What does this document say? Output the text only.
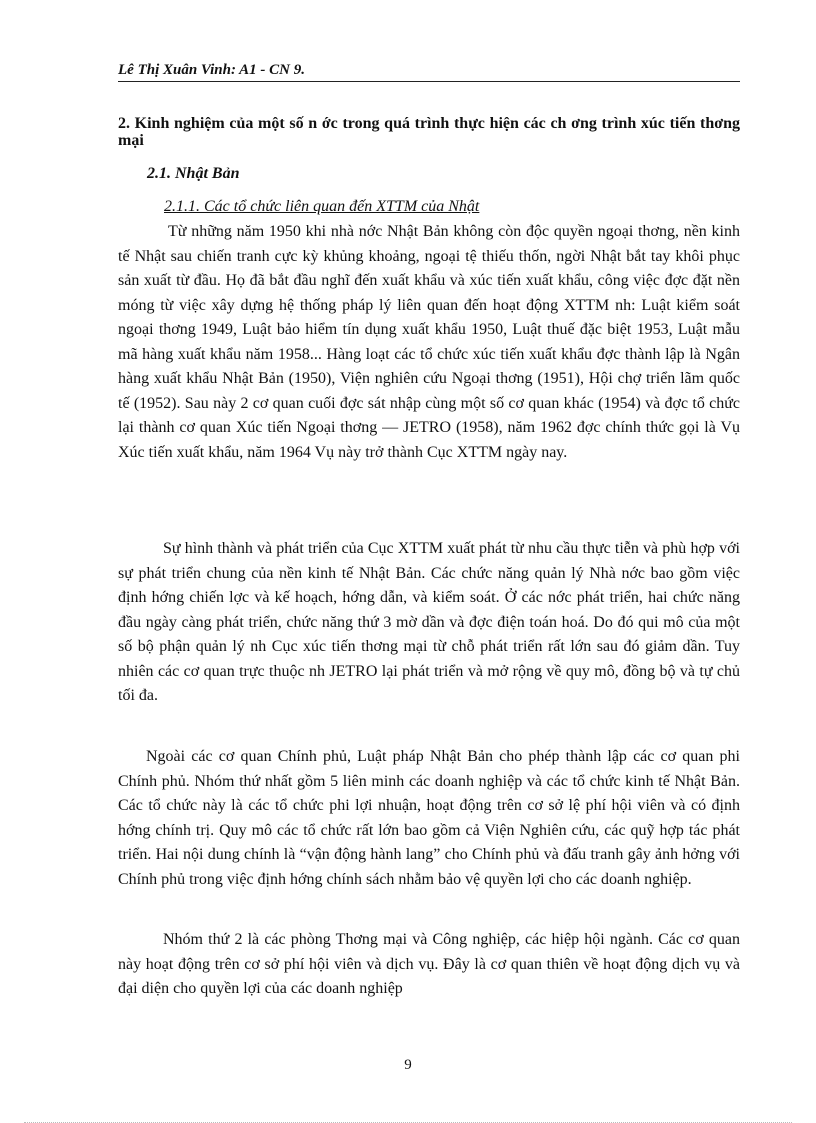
Lê Thị Xuân Vinh: A1 - CN 9.
2. Kinh nghiệm của một số n ớc trong quá trình thực hiện các ch ơng trình xúc tiến thơng mại
2.1. Nhật Bản
2.1.1. Các tổ chức liên quan đến XTTM của Nhật

Từ những năm 1950 khi nhà nớc Nhật Bản không còn độc quyền ngoại thơng, nền kinh tế Nhật sau chiến tranh cực kỳ khủng khoảng, ngoại tệ thiếu thốn, ngời Nhật bắt tay khôi phục sản xuất từ đầu. Họ đã bắt đầu nghĩ đến xuất khẩu và xúc tiến xuất khẩu, công việc đợc đặt nền móng từ việc xây dựng hệ thống pháp lý liên quan đến hoạt động XTTM nh: Luật kiểm soát ngoại thơng 1949, Luật bảo hiểm tín dụng xuất khẩu 1950, Luật thuế đặc biệt 1953, Luật mẫu mã hàng xuất khẩu năm 1958... Hàng loạt các tổ chức xúc tiến xuất khẩu đợc thành lập là Ngân hàng xuất khẩu Nhật Bản (1950), Viện nghiên cứu Ngoại thơng (1951), Hội chợ triển lãm quốc tế (1952). Sau này 2 cơ quan cuối đợc sát nhập cùng một số cơ quan khác (1954) và đợc tổ chức lại thành cơ quan Xúc tiến Ngoại thơng — JETRO (1958), năm 1962 đợc chính thức gọi là Vụ Xúc tiến xuất khẩu, năm 1964 Vụ này trở thành Cục XTTM ngày nay.

Sự hình thành và phát triển của Cục XTTM xuất phát từ nhu cầu thực tiễn và phù hợp với sự phát triển chung của nền kinh tế Nhật Bản. Các chức năng quản lý Nhà nớc bao gồm việc định hớng chiến lợc và kế hoạch, hớng dẫn, và kiểm soát. Ở các nớc phát triển, hai chức năng đầu ngày càng phát triển, chức năng thứ 3 mờ dần và đợc điện toán hoá. Do đó qui mô của một số bộ phận quản lý nh Cục xúc tiến thơng mại từ chỗ phát triển rất lớn sau đó giảm dần. Tuy nhiên các cơ quan trực thuộc nh JETRO lại phát triển và mở rộng về quy mô, đồng bộ và tự chủ tối đa.

Ngoài các cơ quan Chính phủ, Luật pháp Nhật Bản cho phép thành lập các cơ quan phi Chính phủ. Nhóm thứ nhất gồm 5 liên minh các doanh nghiệp và các tổ chức kinh tế Nhật Bản. Các tổ chức này là các tổ chức phi lợi nhuận, hoạt động trên cơ sở lệ phí hội viên và có định hớng chính trị. Quy mô các tổ chức rất lớn bao gồm cả Viện Nghiên cứu, các quỹ hợp tác phát triển. Hai nội dung chính là “vận động hành lang” cho Chính phủ và đấu tranh gây ảnh hởng với Chính phủ trong việc định hớng chính sách nhằm bảo vệ quyền lợi cho các doanh nghiệp.

Nhóm thứ 2 là các phòng Thơng mại và Công nghiệp, các hiệp hội ngành. Các cơ quan này hoạt động trên cơ sở phí hội viên và dịch vụ. Đây là cơ quan thiên về hoạt động dịch vụ và đại diện cho quyền lợi của các doanh nghiệp

9
